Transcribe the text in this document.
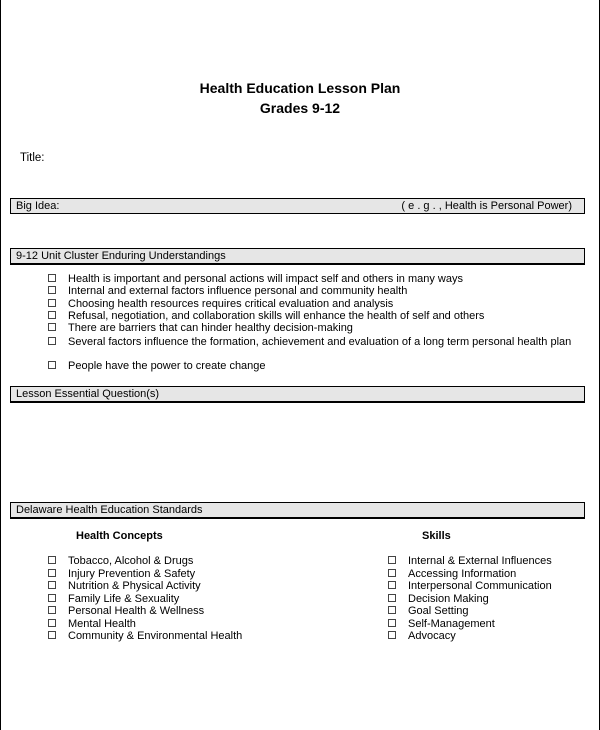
Health Education Lesson Plan
Grades 9-12
Title:
Big Idea:	( e . g . , Health is Personal Power)
9-12 Unit Cluster Enduring Understandings
Health is important and personal actions will impact self and others in many ways
Internal and external factors influence personal and community health
Choosing health resources requires critical evaluation and analysis
Refusal, negotiation, and collaboration skills will enhance the health of self and others
There are barriers that can hinder healthy decision-making
Several factors influence the formation, achievement and evaluation of a long term personal health plan
People have the power to create change
Lesson Essential Question(s)
Delaware Health Education Standards
Health Concepts	Skills
Tobacco, Alcohol & Drugs
Injury Prevention & Safety
Nutrition & Physical Activity
Family Life & Sexuality
Personal Health & Wellness
Mental Health
Community & Environmental Health
Internal & External Influences
Accessing Information
Interpersonal Communication
Decision Making
Goal Setting
Self-Management
Advocacy
